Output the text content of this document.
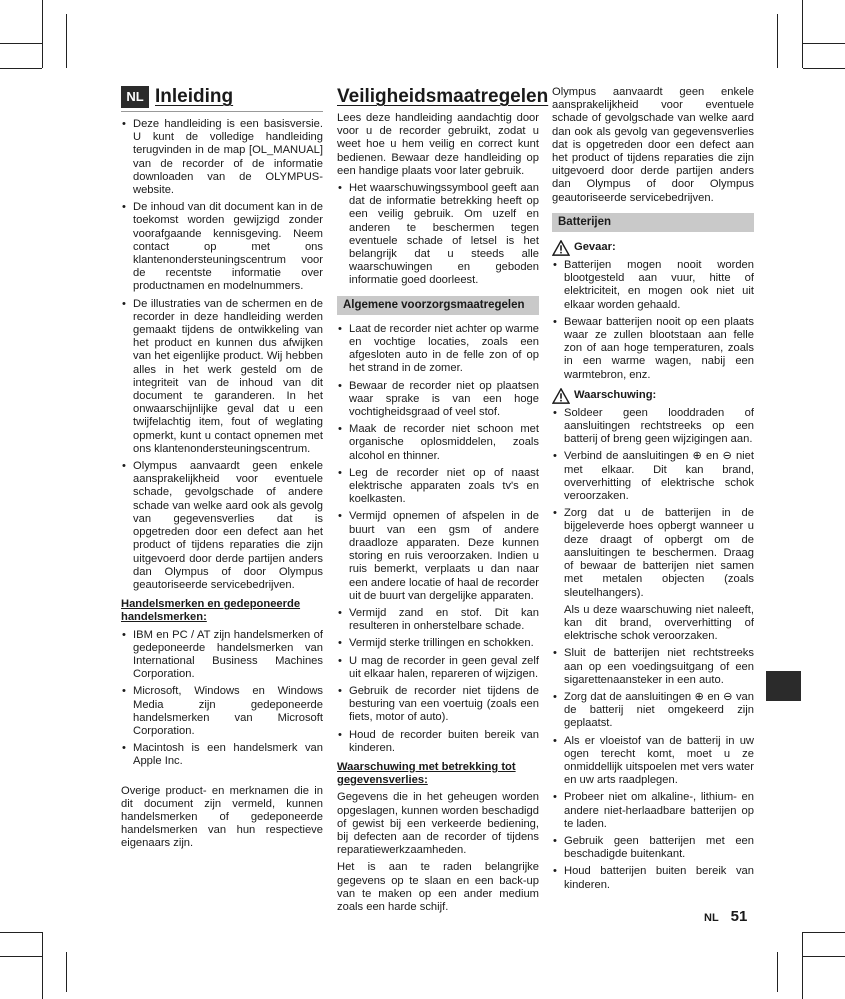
NL Inleiding
• Deze handleiding is een basisversie. U kunt de volledige handleiding terugvinden in de map [OL_MANUAL] van de recorder of de informatie downloaden van de OLYMPUS-website.
• De inhoud van dit document kan in de toekomst worden gewijzigd zonder voorafgaande kennisgeving. Neem contact op met ons klantenondersteuningscentrum voor de recentste informatie over productnamen en modelnummers.
• De illustraties van de schermen en de recorder in deze handleiding werden gemaakt tijdens de ontwikkeling van het product en kunnen dus afwijken van het eigenlijke product. Wij hebben alles in het werk gesteld om de integriteit van de inhoud van dit document te garanderen. In het onwaarschijnlijke geval dat u een twijfelachtig item, fout of weglating opmerkt, kunt u contact opnemen met ons klantenondersteuningscentrum.
• Olympus aanvaardt geen enkele aansprakelijkheid voor eventuele schade, gevolgschade of andere schade van welke aard ook als gevolg van gegevensverlies dat is opgetreden door een defect aan het product of tijdens reparaties die zijn uitgevoerd door derde partijen anders dan Olympus of door Olympus geautoriseerde servicebedrijven.
Handelsmerken en gedeponeerde handelsmerken:
• IBM en PC / AT zijn handelsmerken of gedeponeerde handelsmerken van International Business Machines Corporation.
• Microsoft, Windows en Windows Media zijn gedeponeerde handelsmerken van Microsoft Corporation.
• Macintosh is een handelsmerk van Apple Inc.

Overige product- en merknamen die in dit document zijn vermeld, kunnen handelsmerken of gedeponeerde handelsmerken van hun respectieve eigenaars zijn.

Veiligheidsmaatregelen

Lees deze handleiding aandachtig door voor u de recorder gebruikt, zodat u weet hoe u hem veilig en correct kunt bedienen. Bewaar deze handleiding op een handige plaats voor later gebruik.

• Het waarschuwingssymbool geeft aan dat de informatie betrekking heeft op een veilig gebruik. Om uzelf en anderen te beschermen tegen eventuele schade of letsel is het belangrijk dat u steeds alle waarschuwingen en geboden informatie goed doorleest.
Algemene voorzorgsmaatregelen
• Laat de recorder niet achter op warme en vochtige locaties, zoals een afgesloten auto in de felle zon of op het strand in de zomer.
• Bewaar de recorder niet op plaatsen waar sprake is van een hoge vochtigheidsgraad of veel stof.
• Maak de recorder niet schoon met organische oplosmiddelen, zoals alcohol en thinner.
• Leg de recorder niet op of naast elektrische apparaten zoals tv's en koelkasten.
• Vermijd opnemen of afspelen in de buurt van een gsm of andere draadloze apparaten. Deze kunnen storing en ruis veroorzaken. Indien u ruis bemerkt, verplaats u dan naar een andere locatie of haal de recorder uit de buurt van dergelijke apparaten.
• Vermijd zand en stof. Dit kan resulteren in onherstelbare schade.
• Vermijd sterke trillingen en schokken.
• U mag de recorder in geen geval zelf uit elkaar halen, repareren of wijzigen.
• Gebruik de recorder niet tijdens de besturing van een voertuig (zoals een fiets, motor of auto).
• Houd de recorder buiten bereik van kinderen.
Waarschuwing met betrekking tot gegevensverlies:

Gegevens die in het geheugen worden opgeslagen, kunnen worden beschadigd of gewist bij een verkeerde bediening, bij defecten aan de recorder of tijdens reparatiewerkzaamheden.

Het is aan te raden belangrijke gegevens op te slaan en een back-up van te maken op een ander medium zoals een harde schijf.

Olympus aanvaardt geen enkele aansprakelijkheid voor eventuele schade of gevolgschade van welke aard dan ook als gevolg van gegevensverlies dat is opgetreden door een defect aan het product of tijdens reparaties die zijn uitgevoerd door derde partijen anders dan Olympus of door Olympus geautoriseerde servicebedrijven.

Batterijen
Gevaar:
• Batterijen mogen nooit worden blootgesteld aan vuur, hitte of elektriciteit, en mogen ook niet uit elkaar worden gehaald.
• Bewaar batterijen nooit op een plaats waar ze zullen blootstaan aan felle zon of aan hoge temperaturen, zoals in een warme wagen, nabij een warmtebron, enz.
Waarschuwing:
• Soldeer geen looddraden of aansluitingen rechtstreeks op een batterij of breng geen wijzigingen aan.
• Verbind de aansluitingen ⊕ en ⊖ niet met elkaar. Dit kan brand, oververhitting of elektrische schok veroorzaken.
• Zorg dat u de batterijen in de bijgeleverde hoes opbergt wanneer u deze draagt of opbergt om de aansluitingen te beschermen. Draag of bewaar de batterijen niet samen met metalen objecten (zoals sleutelhangers).
Als u deze waarschuwing niet naleeft, kan dit brand, oververhitting of elektrische schok veroorzaken.
• Sluit de batterijen niet rechtstreeks aan op een voedingsuitgang of een sigarettenaansteker in een auto.
• Zorg dat de aansluitingen ⊕ en ⊖ van de batterij niet omgekeerd zijn geplaatst.
• Als er vloeistof van de batterij in uw ogen terecht komt, moet u ze onmiddellijk uitspoelen met vers water en uw arts raadplegen.
• Probeer niet om alkaline-, lithium- en andere niet-herlaadbare batterijen op te laden.
• Gebruik geen batterijen met een beschadigde buitenkant.
• Houd batterijen buiten bereik van kinderen.
NL 51
